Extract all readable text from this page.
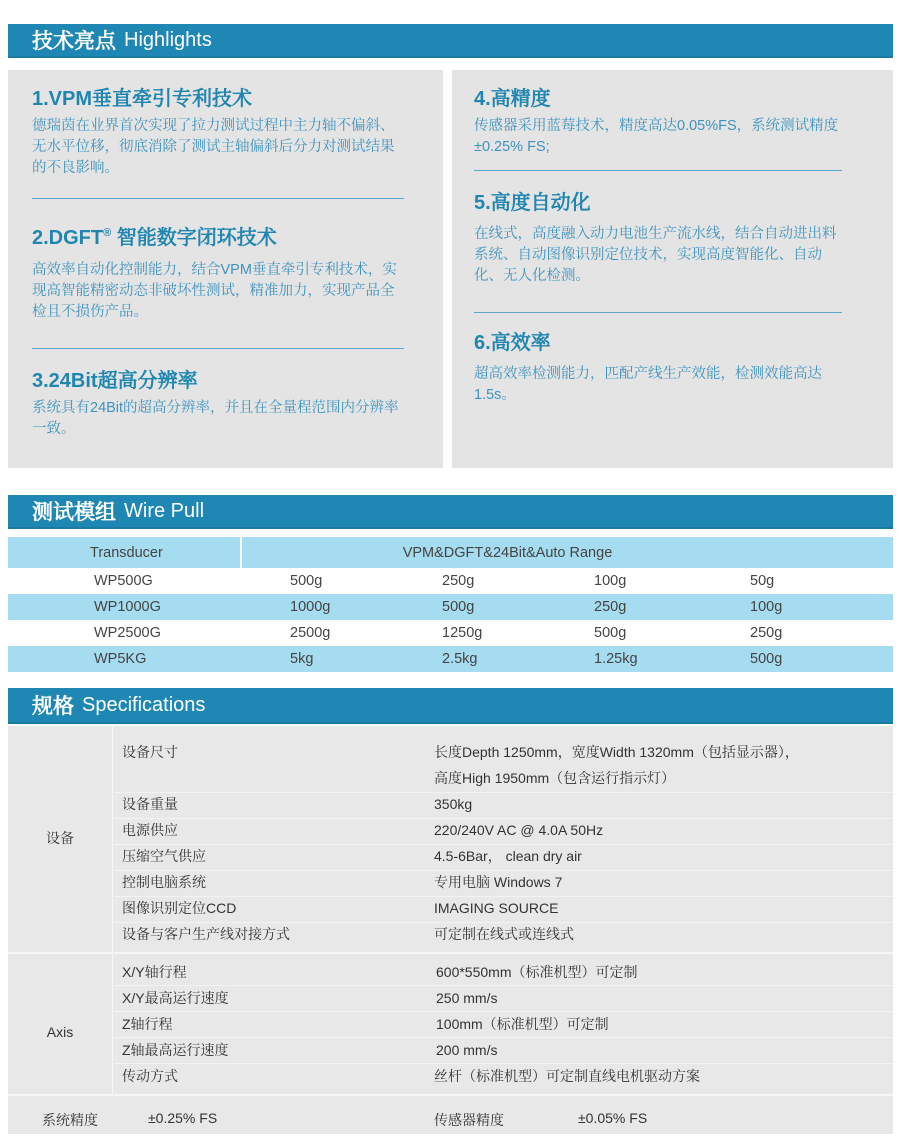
技术亮点 Highlights
1.VPM垂直牵引专利技术
德瑞茵在业界首次实现了拉力测试过程中主力轴不偏斜、无水平位移，彻底消除了测试主轴偏斜后分力对测试结果的不良影响。
2.DGFT® 智能数字闭环技术
高效率自动化控制能力，结合VPM垂直牵引专利技术，实现高智能精密动态非破坏性测试，精准加力，实现产品全检且不损伤产品。
3.24Bit超高分辨率
系统具有24Bit的超高分辨率，并且在全量程范围内分辨率一致。
4.高精度
传感器采用蓝莓技术，精度高达0.05%FS，系统测试精度 ±0.25% FS;
5.高度自动化
在线式，高度融入动力电池生产流水线，结合自动进出料系统、自动图像识别定位技术，实现高度智能化、自动化、无人化检测。
6.高效率
超高效率检测能力，匹配产线生产效能，检测效能高达1.5s。
测试模组 Wire Pull
Transducer	VPM&DGFT&24Bit&Auto Range
WP500G	500g	250g	100g	50g
WP1000G	1000g	500g	250g	100g
WP2500G	2500g	1250g	500g	250g
WP5KG	5kg	2.5kg	1.25kg	500g
规格 Specifications
设备
设备尺寸	长度Depth 1250mm，宽度Width 1320mm（包括显示器），
高度High 1950mm（包含运行指示灯）
设备重量	350kg
电源供应	220/240V AC @ 4.0A 50Hz
压缩空气供应	4.5-6Bar， clean dry air
控制电脑系统	专用电脑 Windows 7
图像识别定位CCD	IMAGING SOURCE
设备与客户生产线对接方式	可定制在线式或连线式
Axis
X/Y轴行程	600*550mm（标准机型）可定制
X/Y最高运行速度	250 mm/s
Z轴行程	100mm（标准机型）可定制
Z轴最高运行速度	200 mm/s
传动方式	丝杆（标准机型）可定制直线电机驱动方案
系统精度	±0.25% FS	传感器精度	±0.05% FS
